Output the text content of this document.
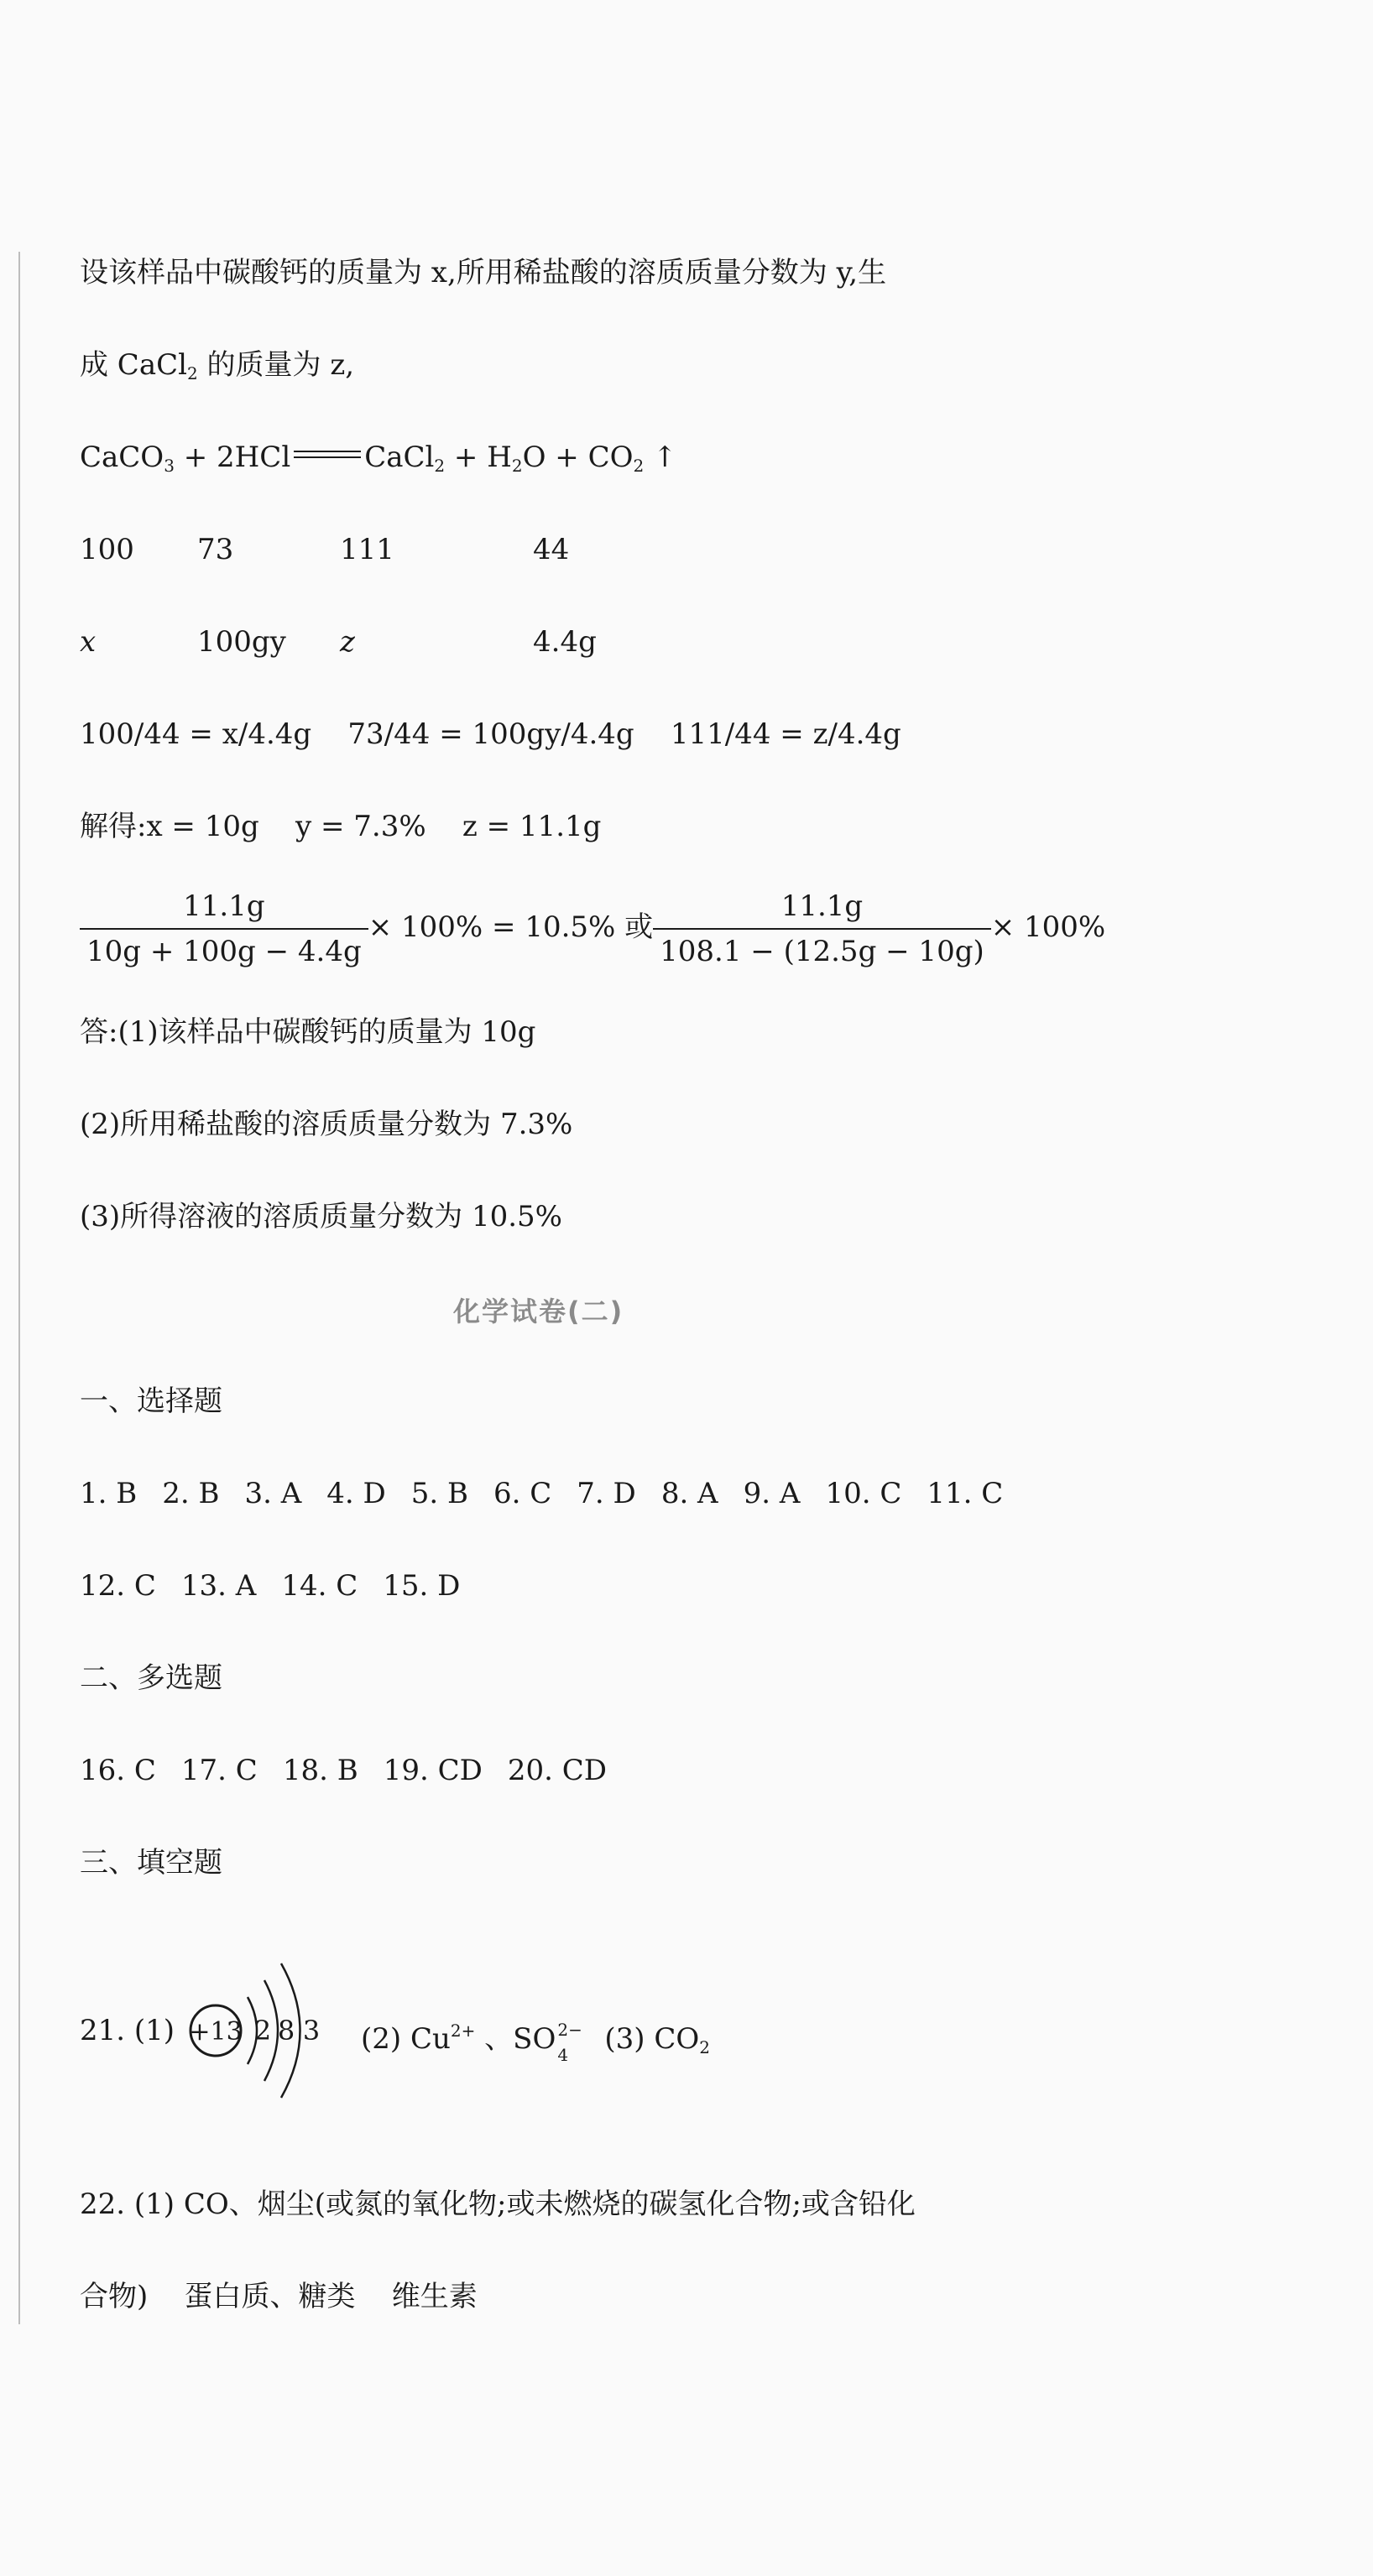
设该样品中碳酸钙的质量为 x,所用稀盐酸的溶质质量分数为 y,生
成 CaCl$_2$ 的质量为 z,
CaCO$_3$ + 2HCl	CaCl$_2$ + $H_2O + CO_2$ ↑
100 73	111	44
x	100gy z	4.4g
100/44 = x/4.4g    73/44 = 100gy/4.4g    111/44 = z/4.4g
解得:x = 10g    y = 7.3%    z = 11.1g
$\frac{11.1g}{10g + 100g - 4.4g} \times 100\% = 10.5\%$ 或 $\frac{11.1g}{108.1 - (12.5g - 10g)} \times 100\%$
答:(1)该样品中碳酸钙的质量为 10g
(2)所用稀盐酸的溶质质量分数为 7.3%
(3)所得溶液的溶质质量分数为 10.5%
化学试卷(二)
一、选择题
1. B 2. B 3. A 4. D 5. B 6. C 7. D 8. A 9. A 10. C 11. C
12. C 13. A 14. C 15. D
二、多选题
16. C 17. C 18. B 19. CD 20. CD
三、填空题
21. (1) +13 2 8 3 (2) $Cu^{2+}$ 、SO 2−
4 (3) $CO_2$
22. (1) CO、烟尘(或氮的氧化物;或未燃烧的碳氢化合物;或含铅化
合物)    蛋白质、糖类    维生素
